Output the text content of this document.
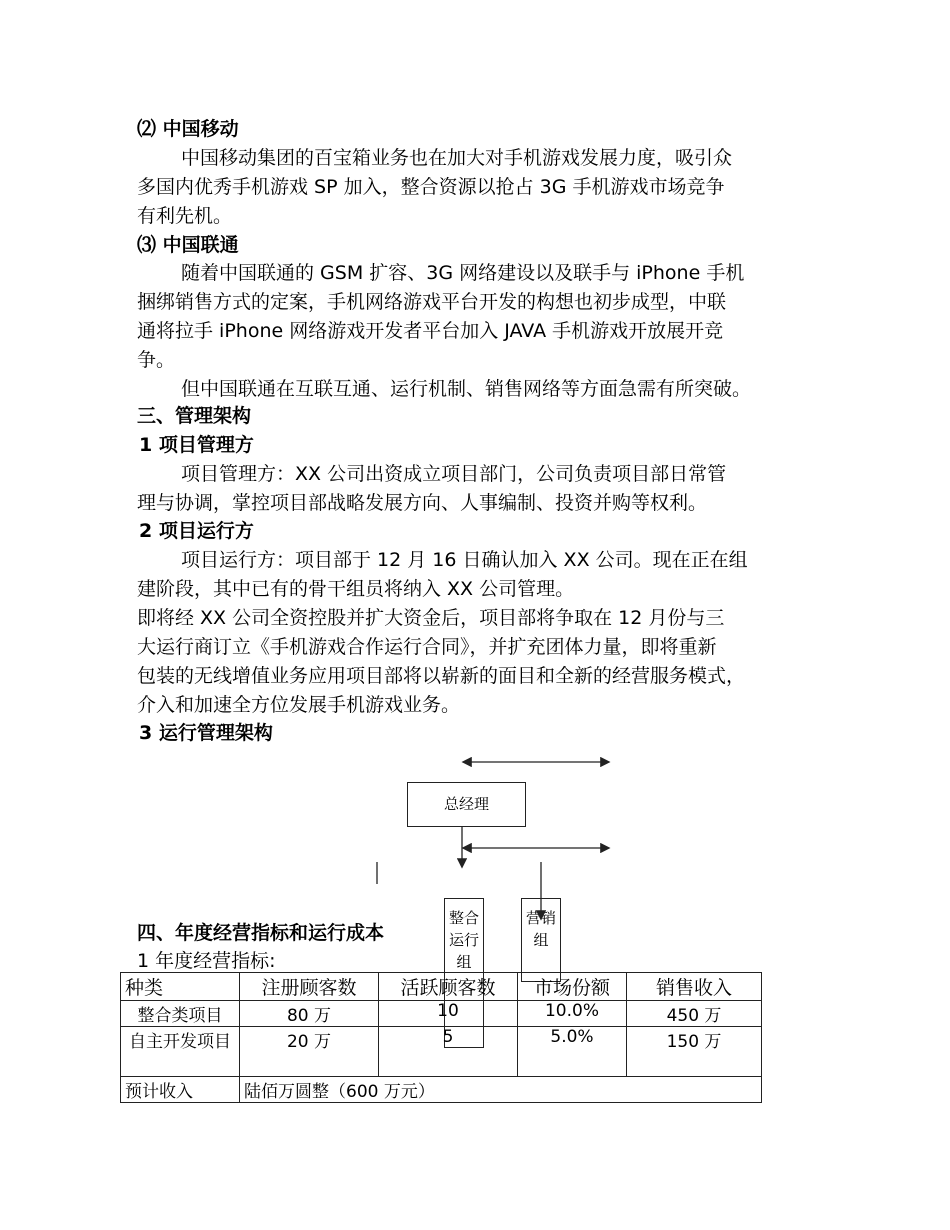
⑵ 中国移动
中国移动集团的百宝箱业务也在加大对手机游戏发展力度，吸引众
多国内优秀手机游戏 SP 加入，整合资源以抢占 3G 手机游戏市场竞争
有利先机。
⑶ 中国联通
随着中国联通的 GSM 扩容、3G 网络建设以及联手与 iPhone 手机
捆绑销售方式的定案，手机网络游戏平台开发的构想也初步成型，中联
通将拉手 iPhone 网络游戏开发者平台加入 JAVA 手机游戏开放展开竞
争。
但中国联通在互联互通、运行机制、销售网络等方面急需有所突破。
三、管理架构
1 项目管理方
项目管理方：XX 公司出资成立项目部门，公司负责项目部日常管
理与协调，掌控项目部战略发展方向、人事编制、投资并购等权利。
2 项目运行方
项目运行方：项目部于 12 月 16 日确认加入 XX 公司。现在正在组
建阶段，其中已有的骨干组员将纳入 XX 公司管理。
即将经 XX 公司全资控股并扩大资金后，项目部将争取在 12 月份与三
大运行商订立《手机游戏合作运行合同》，并扩充团体力量，即将重新
包装的无线增值业务应用项目部将以崭新的面目和全新的经营服务模式，
介入和加速全方位发展手机游戏业务。
3 运行管理架构
总经理
整合运行组
营销组
四、年度经营指标和运行成本
1 年度经营指标:
种类	注册顾客数	活跃顾客数	市场份额	销售收入
整合类项目	80 万	10	10.0%	450 万
自主开发项目	20 万	5	5.0%	150 万
预计收入	陆佰万圆整（600 万元）			
